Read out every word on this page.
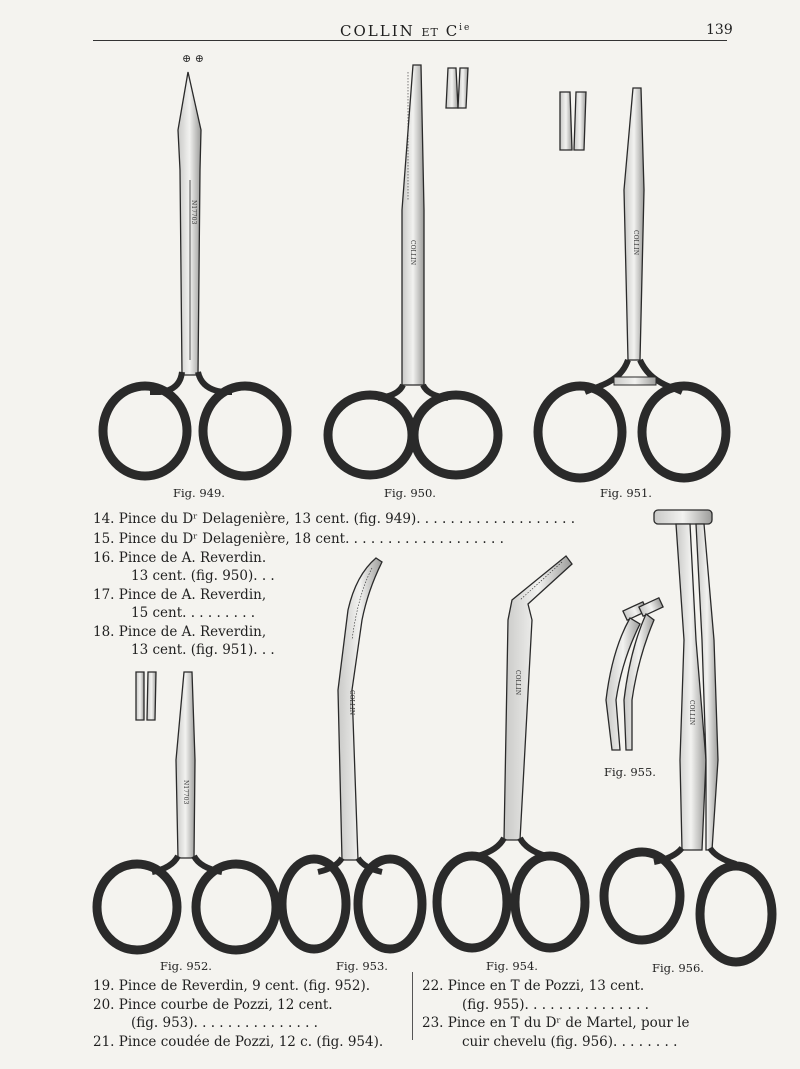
COLLIN ET $C^{ie}$	139
⊕ ⊕
N17703
COLLIN	COLLIN
N17703
COLLIN
COLLIN
COLLIN
Fig. 949.	Fig. 950.	Fig. 951.
Fig. 952.	Fig. 953.	Fig. 954.
Fig. 955.
Fig. 956.
14. Pince du Dʳ Delagenière, 13 cent. (fig. 949). . . . . . . . . . . . . . . . . . .
15. Pince du Dʳ Delagenière, 18 cent. . . . . . . . . . . . . . . . . . .
16. Pince de A. Reverdin.
13 cent. (fig. 950). . .
17. Pince de A. Reverdin,
15 cent. . . . . . . . .
18. Pince de A. Reverdin,
13 cent. (fig. 951). . .
19. Pince de Reverdin, 9 cent. (fig. 952).
20. Pince courbe de Pozzi, 12 cent.
(fig. 953). . . . . . . . . . . . . . .
21. Pince coudée de Pozzi, 12 c. (fig. 954).
22. Pince en T de Pozzi, 13 cent.
(fig. 955). . . . . . . . . . . . . . .
23. Pince en T du Dʳ de Martel, pour le
cuir chevelu (fig. 956). . . . . . . .
